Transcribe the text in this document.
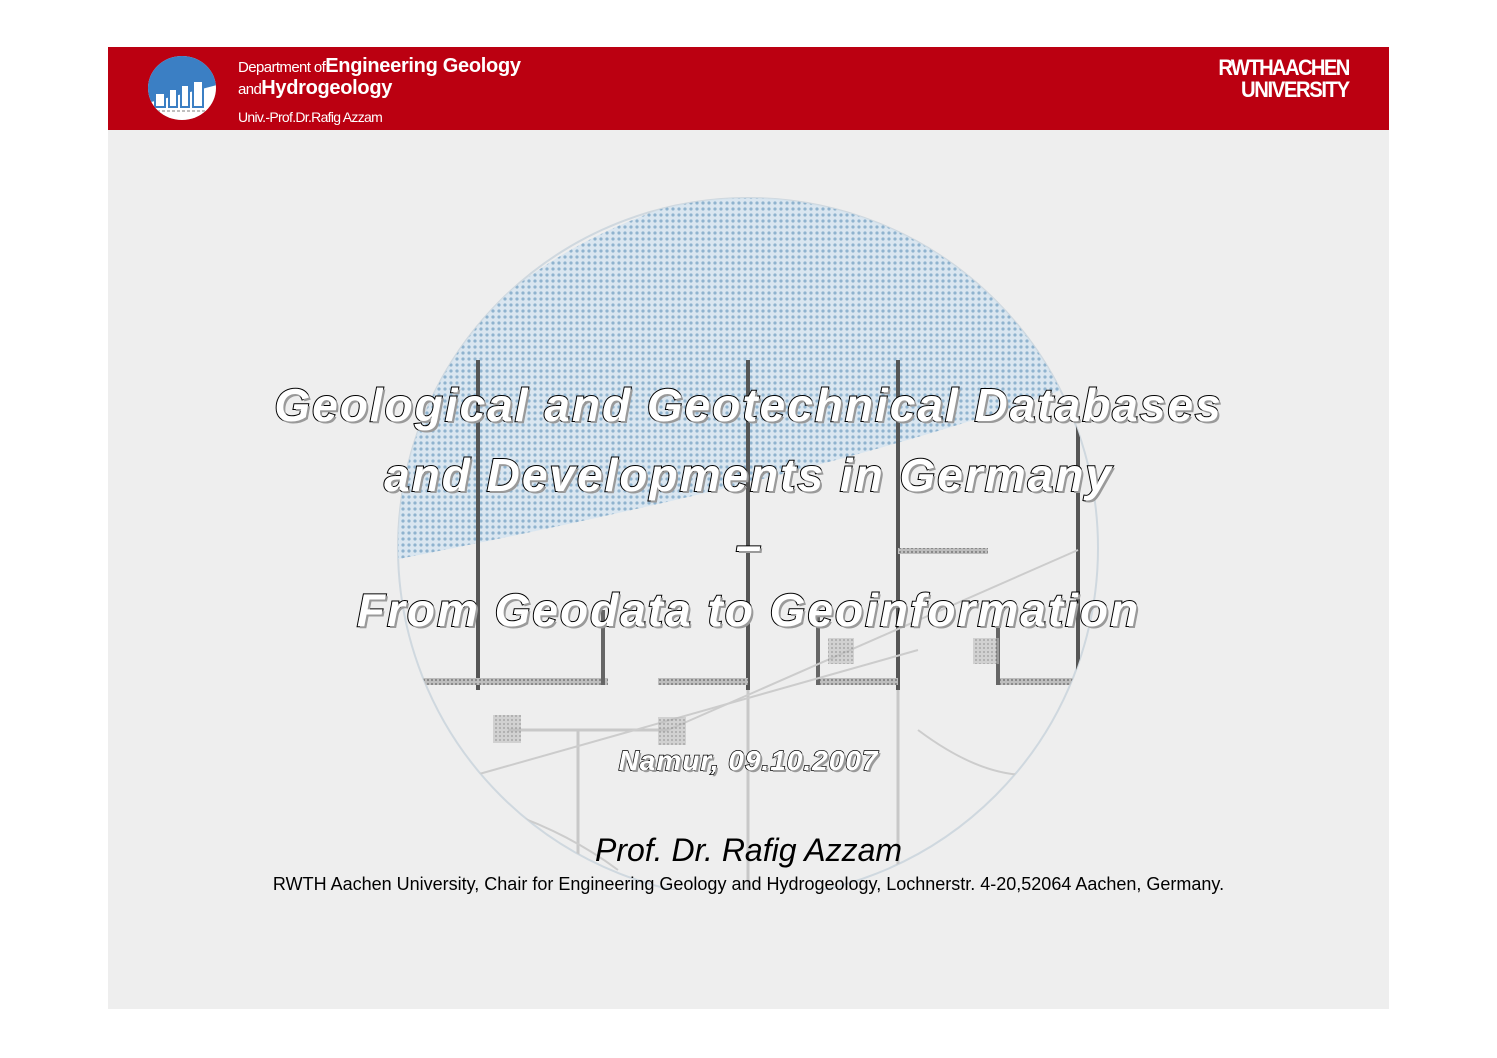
Department ofEngineering Geology
andHydrogeology
Univ.-Prof.Dr.Rafig Azzam
RWTHAACHEN
UNIVERSITY
Geological and Geotechnical Databases
and Developments in Germany
–
From Geodata to Geoinformation
Namur, 09.10.2007
Prof. Dr. Rafig Azzam
RWTH Aachen University, Chair for Engineering Geology and Hydrogeology, Lochnerstr. 4-20,52064 Aachen, Germany.
